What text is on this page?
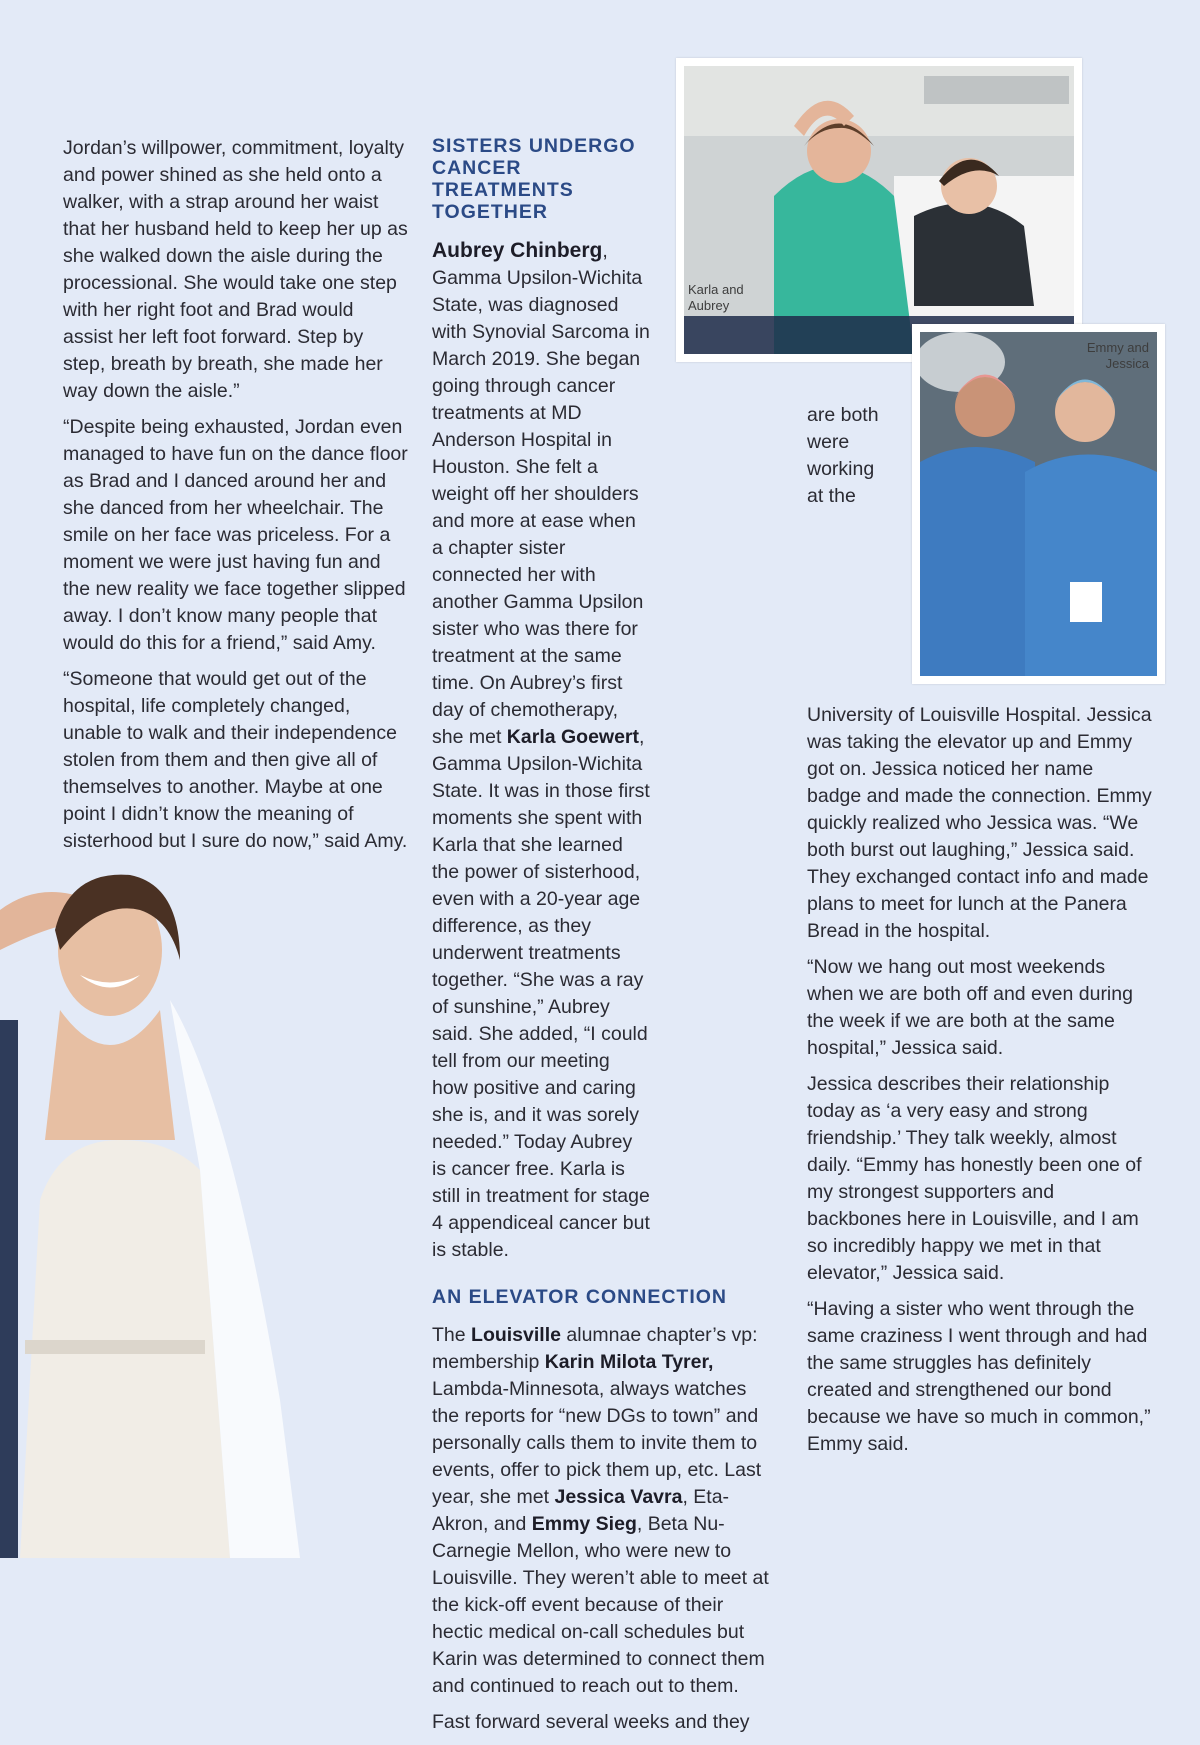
Jordan’s willpower, commitment, loyalty and power shined as she held onto a walker, with a strap around her waist that her husband held to keep her up as she walked down the aisle during the processional. She would take one step with her right foot and Brad would assist her left foot forward. Step by step, breath by breath, she made her way down the aisle.”

“Despite being exhausted, Jordan even managed to have fun on the dance floor as Brad and I danced around her and she danced from her wheelchair. The smile on her face was priceless. For a moment we were just having fun and the new reality we face together slipped away. I don’t know many people that would do this for a friend,” said Amy.

“Someone that would get out of the hospital, life completely changed, unable to walk and their independence stolen from them and then give all of themselves to another. Maybe at one point I didn’t know the meaning of sisterhood but I sure do now,” said Amy.

SISTERS UNDERGO CANCER TREATMENTS TOGETHER

Aubrey Chinberg, Gamma Upsilon-Wichita State, was diagnosed with Synovial Sarcoma in March 2019. She began going through cancer treatments at MD Anderson Hospital in Houston. She felt a weight off her shoulders and more at ease when a chapter sister connected her with another Gamma Upsilon sister who was there for treatment at the same time. On Aubrey’s first day of chemotherapy, she met Karla Goewert, Gamma Upsilon-Wichita State. It was in those first moments she spent with Karla that she learned the power of sisterhood, even with a 20-year age difference, as they underwent treatments together. “She was a ray of sunshine,” Aubrey said. She added, “I could tell from our meeting how positive and caring she is, and it was sorely needed.” Today Aubrey is cancer free. Karla is still in treatment for stage 4 appendiceal cancer but is stable.

AN ELEVATOR CONNECTION

The Louisville alumnae chapter’s vp: membership Karin Milota Tyrer, Lambda-Minnesota, always watches the reports for “new DGs to town” and personally calls them to invite them to events, offer to pick them up, etc. Last year, she met Jessica Vavra, Eta-Akron, and Emmy Sieg, Beta Nu-Carnegie Mellon, who were new to Louisville. They weren’t able to meet at the kick-off event because of their hectic medical on-call schedules but Karin was determined to connect them and continued to reach out to them.

Fast forward several weeks and they

are both were working at the University of Louisville Hospital. Jessica was taking the elevator up and Emmy got on. Jessica noticed her name badge and made the connection. Emmy quickly realized who Jessica was. “We both burst out laughing,” Jessica said. They exchanged contact info and made plans to meet for lunch at the Panera Bread in the hospital.

“Now we hang out most weekends when we are both off and even during the week if we are both at the same hospital,” Jessica said.

Jessica describes their relationship today as ‘a very easy and strong friendship.’ They talk weekly, almost daily. “Emmy has honestly been one of my strongest supporters and backbones here in Louisville, and I am so incredibly happy we met in that elevator,” Jessica said.

“Having a sister who went through the same craziness I went through and had the same struggles has definitely created and strengthened our bond because we have so much in common,” Emmy said.

Karla and Aubrey
Emmy and Jessica
